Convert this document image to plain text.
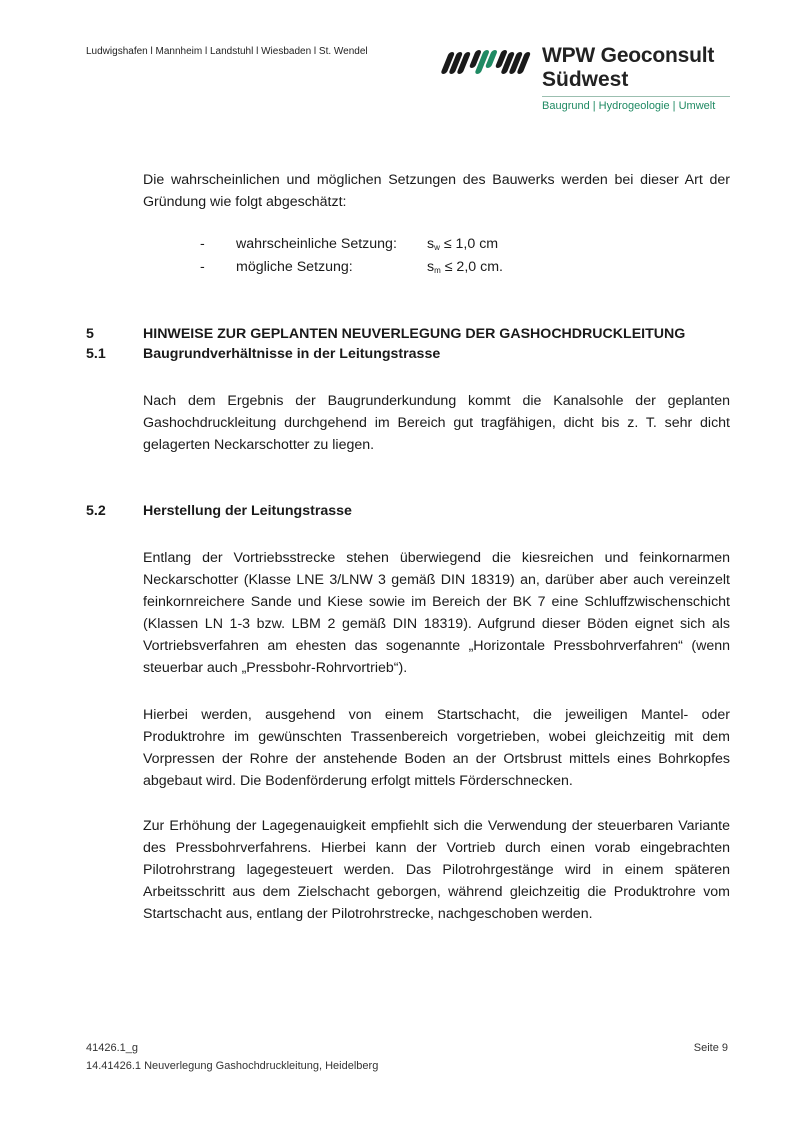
Ludwigshafen l Mannheim l Landstuhl l Wiesbaden l St. Wendel	WPW Geoconsult
Südwest
Baugrund | Hydrogeologie | Umwelt
Die wahrscheinlichen und möglichen Setzungen des Bauwerks werden bei dieser Art der Gründung wie folgt abgeschätzt:
- wahrscheinliche Setzung: $s_w \le 1,0$ cm
- mögliche Setzung:	$s_m \le 2,0$ cm.
5	HINWEISE ZUR GEPLANTEN NEUVERLEGUNG DER GASHOCHDRUCKLEITUNG
5.1	Baugrundverhältnisse in der Leitungstrasse
Nach dem Ergebnis der Baugrunderkundung kommt die Kanalsohle der geplanten Gashochdruckleitung durchgehend im Bereich gut tragfähigen, dicht bis z. T. sehr dicht gelagerten Neckarschotter zu liegen.
5.2	Herstellung der Leitungstrasse
Entlang der Vortriebsstrecke stehen überwiegend die kiesreichen und feinkornarmen Neckarschotter (Klasse LNE 3/LNW 3 gemäß DIN 18319) an, darüber aber auch vereinzelt feinkornreichere Sande und Kiese sowie im Bereich der BK 7 eine Schluffzwischenschicht (Klassen LN 1-3 bzw. LBM 2 gemäß DIN 18319). Aufgrund dieser Böden eignet sich als Vortriebsverfahren am ehesten das sogenannte „Horizontale Pressbohrverfahren“ (wenn steuerbar auch „Pressbohr-Rohrvortrieb“).
Hierbei werden, ausgehend von einem Startschacht, die jeweiligen Mantel- oder Produktrohre im gewünschten Trassenbereich vorgetrieben, wobei gleichzeitig mit dem Vorpressen der Rohre der anstehende Boden an der Ortsbrust mittels eines Bohrkopfes abgebaut wird. Die Bodenförderung erfolgt mittels Förderschnecken.
Zur Erhöhung der Lagegenauigkeit empfiehlt sich die Verwendung der steuerbaren Variante des Pressbohrverfahrens. Hierbei kann der Vortrieb durch einen vorab eingebrachten Pilotrohrstrang lagegesteuert werden. Das Pilotrohrgestänge wird in einem späteren Arbeitsschritt aus dem Zielschacht geborgen, während gleichzeitig die Produktrohre vom Startschacht aus, entlang der Pilotrohrstrecke, nachgeschoben werden.
41426.1_g	Seite 9
14.41426.1 Neuverlegung Gashochdruckleitung, Heidelberg
